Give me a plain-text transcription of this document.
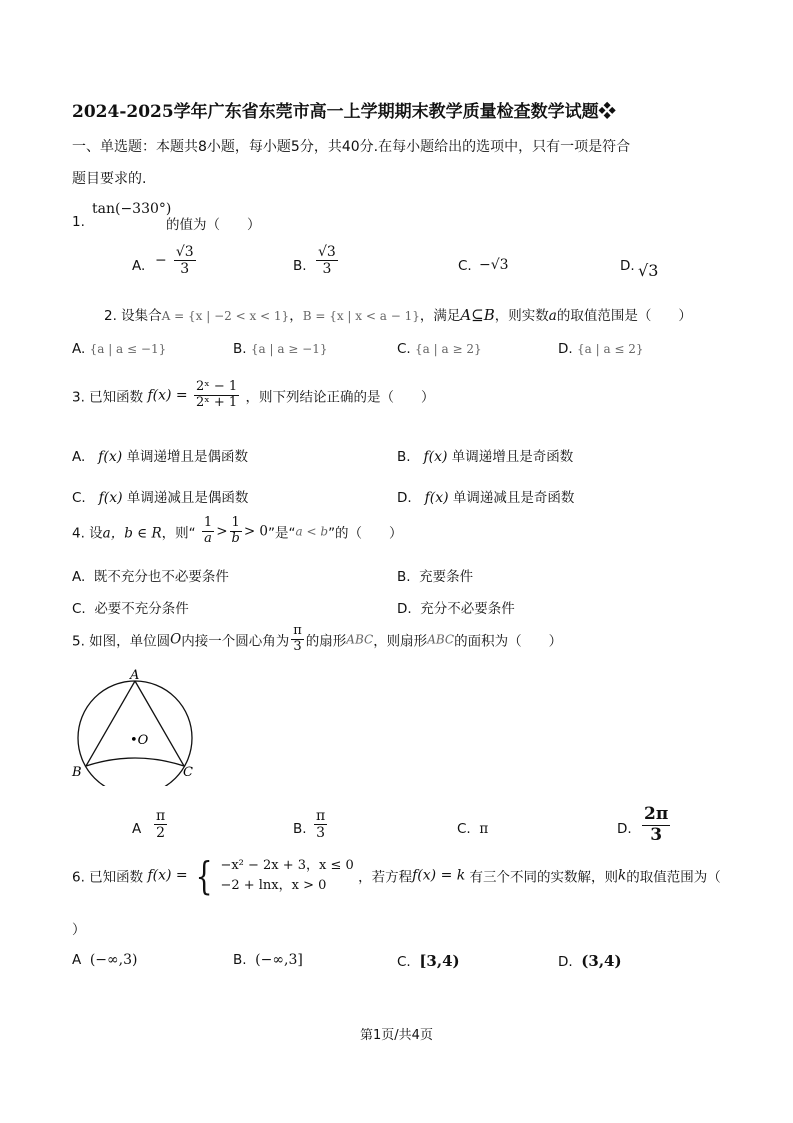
2024-2025学年广东省东莞市高一上学期期末教学质量检查数学试题❖
一、单选题：本题共8小题，每小题5分，共40分.在每小题给出的选项中，只有一项是符合
题目要求的.
1.
tan(−330°)
的值为（　　）
A. − $\frac{√3}{3}$	B. $\frac{√3}{3}$	C. −√3	D. √3
2. 设集合A = {x | −2 < x < 1}，B = {x | x < a − 1}，满足A⊆B，则实数a的取值范围是（　　）
A. {a | a ≤ −1}	B. {a | a ≥ −1}	C. {a | a ≥ 2}	D. {a | a ≤ 2}
3. 已知函数 $f(x) = \frac{\text{2ˣ − 1}}{\text{2ˣ + 1}}$ ，则下列结论正确的是（　　）
A.   f(x) 单调递增且是偶函数	B.   f(x) 单调递增且是奇函数
C.   f(x) 单调递减且是偶函数	D.   f(x) 单调递减且是奇函数
4. 设a，b ∈ R，则“ $\frac{1}{a} > \frac{1}{b} > 0$”是“a < b”的（　　）
A.  既不充分也不必要条件	B.  充要条件
C.  必要不充分条件	D.  充分不必要条件
5. 如图，单位圆O内接一个圆心角为 $\frac{\pi}{3}$ 的扇形ABC，则扇形ABC的面积为（　　）
A
B	C
•O
A $\frac{\pi}{2}$	B. $\frac{\pi}{3}$	C.  π	D. $\frac{2\pi}{3}$
6. 已知函数 f(x) = { −x² − 2x + 3，x ≤ 0
−2 + lnx，x > 0	，若方程f(x) = k 有三个不同的实数解，则k的取值范围为（
）
A  (−∞,3)	B.  (−∞,3]	C.  [3,4)	D.  (3,4)
第1页/共4页
